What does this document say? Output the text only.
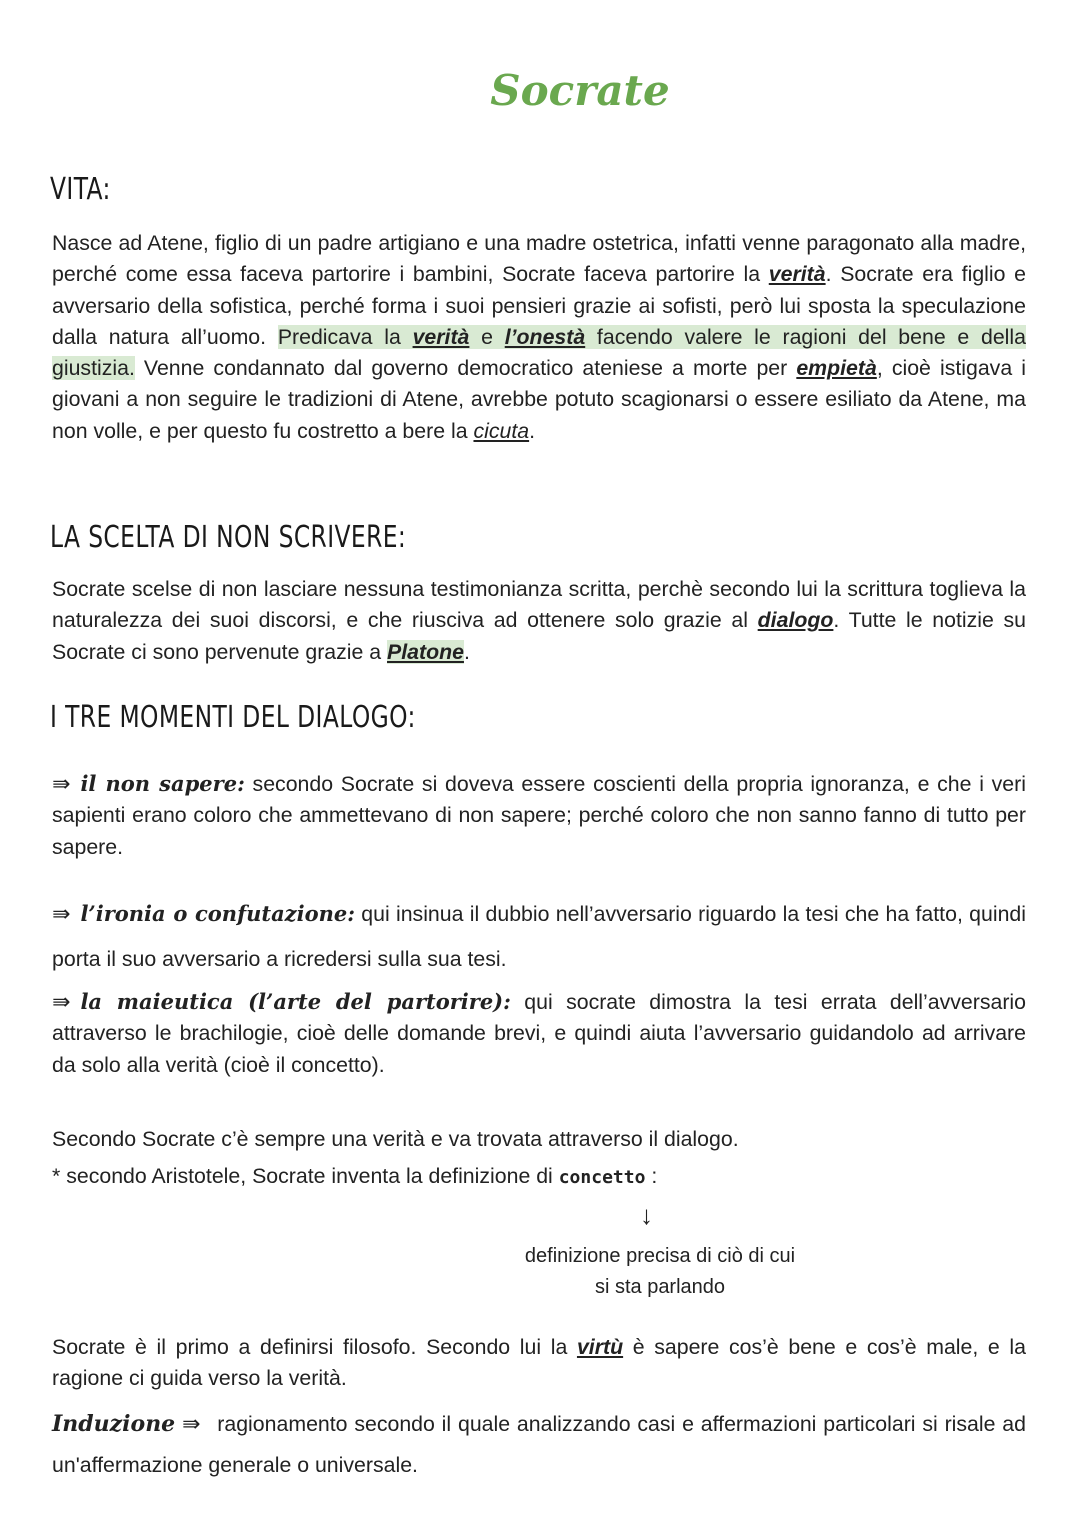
Socrate
VITA:

Nasce ad Atene, figlio di un padre artigiano e una madre ostetrica, infatti venne paragonato alla madre, perché come essa faceva partorire i bambini, Socrate faceva partorire la verità. Socrate era figlio e avversario della sofistica, perché forma i suoi pensieri grazie ai sofisti, però lui sposta la speculazione dalla natura all’uomo. Predicava la verità e l’onestà facendo valere le ragioni del bene e della giustizia. Venne condannato dal governo democratico ateniese a morte per empietà, cioè istigava i giovani a non seguire le tradizioni di Atene, avrebbe potuto scagionarsi o essere esiliato da Atene, ma non volle, e per questo fu costretto a bere la cicuta.

LA SCELTA DI NON SCRIVERE:

Socrate scelse di non lasciare nessuna testimonianza scritta, perchè secondo lui la scrittura toglieva la naturalezza dei suoi discorsi, e che riusciva ad ottenere solo grazie al dialogo. Tutte le notizie su Socrate ci sono pervenute grazie a Platone.

I TRE MOMENTI DEL DIALOGO:

⇛ il non sapere: secondo Socrate si doveva essere coscienti della propria ignoranza, e che i veri sapienti erano coloro che ammettevano di non sapere; perché coloro che non sanno fanno di tutto per sapere.

⇛ l’ironia o confutazione: qui insinua il dubbio nell’avversario riguardo la tesi che ha fatto, quindi porta il suo avversario a ricredersi sulla sua tesi.

⇛ la maieutica (l’arte del partorire): qui socrate dimostra la tesi errata dell’avversario attraverso le brachilogie, cioè delle domande brevi, e quindi aiuta l’avversario guidandolo ad arrivare da solo alla verità (cioè il concetto).

Secondo Socrate c’è sempre una verità e va trovata attraverso il dialogo.

* secondo Aristotele, Socrate inventa la definizione di concetto :

↓

definizione precisa di ciò di cui
si sta parlando

Socrate è il primo a definirsi filosofo. Secondo lui la virtù è sapere cos’è bene e cos’è male, e la ragione ci guida verso la verità.

Induzione ⇛ ragionamento secondo il quale analizzando casi e affermazioni particolari si risale ad un'affermazione generale o universale.
